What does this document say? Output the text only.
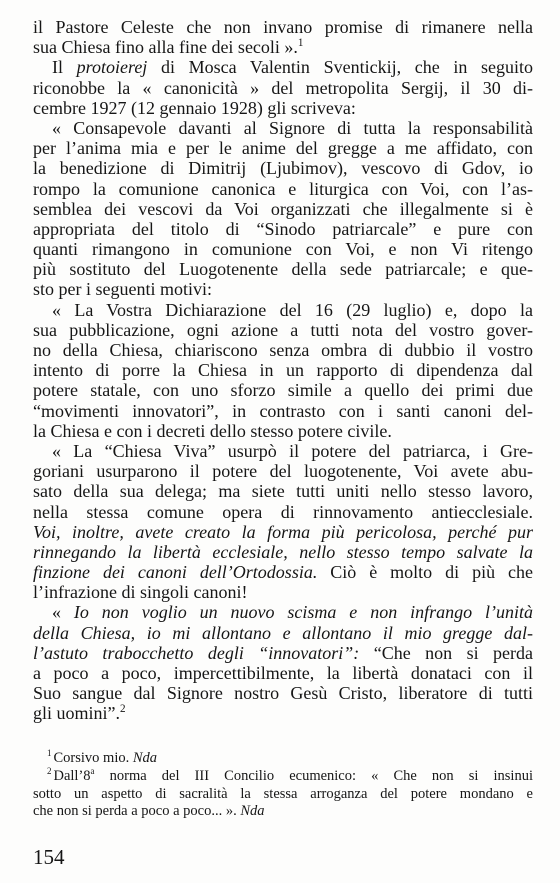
il Pastore Celeste che non invano promise di rimanere nella
sua Chiesa fino alla fine dei secoli ».$^1$
Il protoierej di Mosca Valentin Sventickij, che in seguito
riconobbe la « canonicità » del metropolita Sergij, il 30 di-
cembre 1927 (12 gennaio 1928) gli scriveva:
« Consapevole davanti al Signore di tutta la responsabilità
per l’anima mia e per le anime del gregge a me affidato, con
la benedizione di Dimitrij (Ljubimov), vescovo di Gdov, io
rompo la comunione canonica e liturgica con Voi, con l’as-
semblea dei vescovi da Voi organizzati che illegalmente si è
appropriata del titolo di “Sinodo patriarcale” e pure con
quanti rimangono in comunione con Voi, e non Vi ritengo
più sostituto del Luogotenente della sede patriarcale; e que-
sto per i seguenti motivi:
« La Vostra Dichiarazione del 16 (29 luglio) e, dopo la
sua pubblicazione, ogni azione a tutti nota del vostro gover-
no della Chiesa, chiariscono senza ombra di dubbio il vostro
intento di porre la Chiesa in un rapporto di dipendenza dal
potere statale, con uno sforzo simile a quello dei primi due
“movimenti innovatori”, in contrasto con i santi canoni del-
la Chiesa e con i decreti dello stesso potere civile.
« La “Chiesa Viva” usurpò il potere del patriarca, i Gre-
goriani usurparono il potere del luogotenente, Voi avete abu-
sato della sua delega; ma siete tutti uniti nello stesso lavoro,
nella stessa comune opera di rinnovamento antiecclesiale.
Voi, inoltre, avete creato la forma più pericolosa, perché pur
rinnegando la libertà ecclesiale, nello stesso tempo salvate la
finzione dei canoni dell’Ortodossia. Ciò è molto di più che
l’infrazione di singoli canoni!
« Io non voglio un nuovo scisma e non infrango l’unità
della Chiesa, io mi allontano e allontano il mio gregge dal-
l’astuto trabocchetto degli “innovatori”: “Che non si perda
a poco a poco, impercettibilmente, la libertà donataci con il
Suo sangue dal Signore nostro Gesù Cristo, liberatore di tutti
gli uomini”.$^2$
$^1$ Corsivo mio. Nda
$^2$ Dall’8$^a$ norma del III Concilio ecumenico: « Che non si insinui
sotto un aspetto di sacralità la stessa arroganza del potere mondano e
che non si perda a poco a poco... ». Nda
154
